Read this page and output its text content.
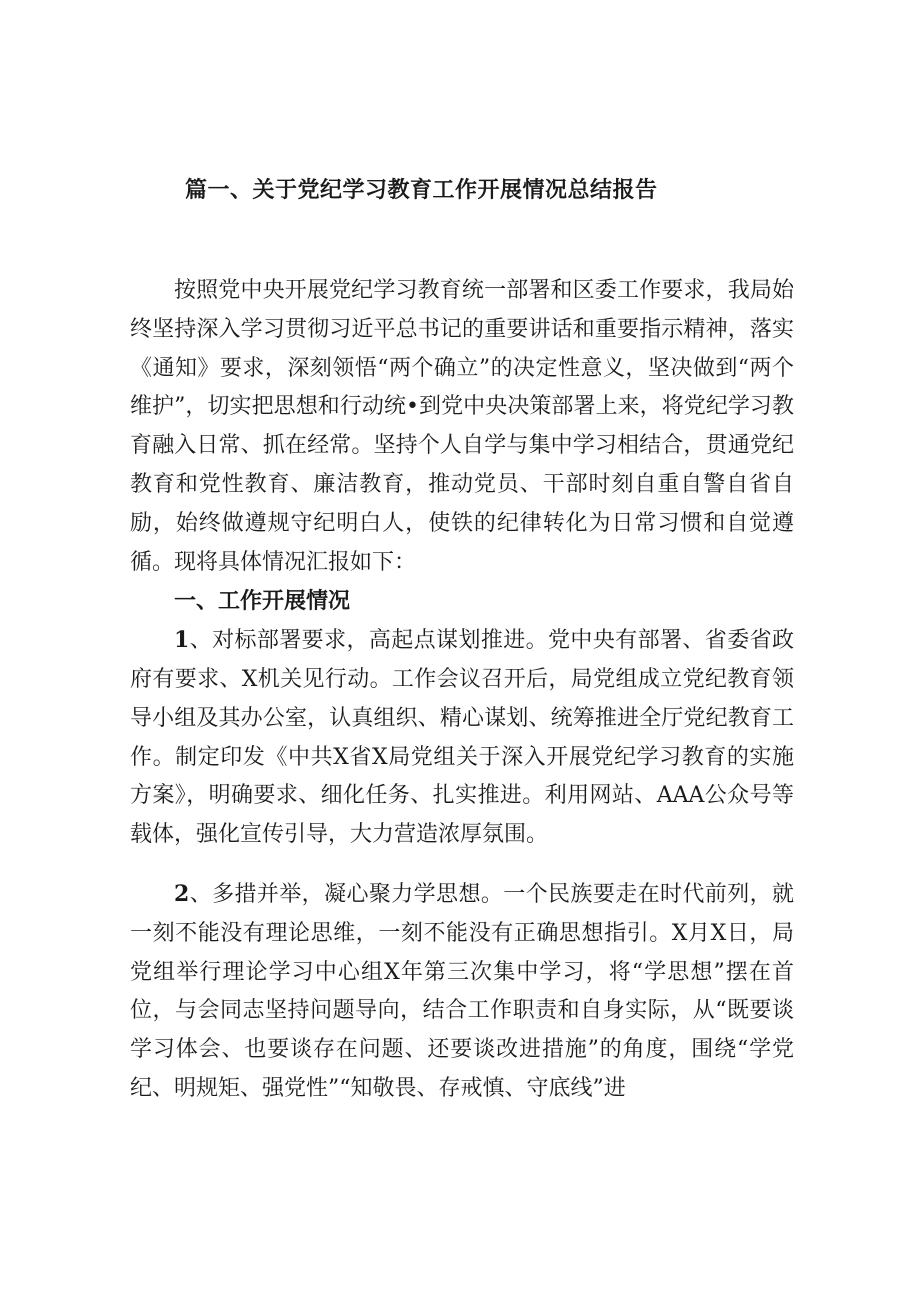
篇一、关于党纪学习教育工作开展情况总结报告

按照党中央开展党纪学习教育统一部署和区委工作要求，我局始终坚持深入学习贯彻习近平总书记的重要讲话和重要指示精神，落实《通知》要求，深刻领悟“两个确立”的决定性意义，坚决做到“两个维护”，切实把思想和行动统•到党中央决策部署上来，将党纪学习教育融入日常、抓在经常。坚持个人自学与集中学习相结合，贯通党纪教育和党性教育、廉洁教育，推动党员、干部时刻自重自警自省自励，始终做遵规守纪明白人，使铁的纪律转化为日常习惯和自觉遵循。现将具体情况汇报如下：

一、工作开展情况

1、对标部署要求，高起点谋划推进。党中央有部署、省委省政府有要求、X机关见行动。工作会议召开后，局党组成立党纪教育领导小组及其办公室，认真组织、精心谋划、统筹推进全厅党纪教育工作。制定印发《中共X省X局党组关于深入开展党纪学习教育的实施方案》，明确要求、细化任务、扎实推进。利用网站、AAA公众号等载体，强化宣传引导，大力营造浓厚氛围。

2、多措并举，凝心聚力学思想。一个民族要走在时代前列，就一刻不能没有理论思维，一刻不能没有正确思想指引。X月X日，局党组举行理论学习中心组X年第三次集中学习，将“学思想”摆在首位，与会同志坚持问题导向，结合工作职责和自身实际，从“既要谈学习体会、也要谈存在问题、还要谈改进措施”的角度，围绕“学党纪、明规矩、强党性”“知敬畏、存戒慎、守底线”进
